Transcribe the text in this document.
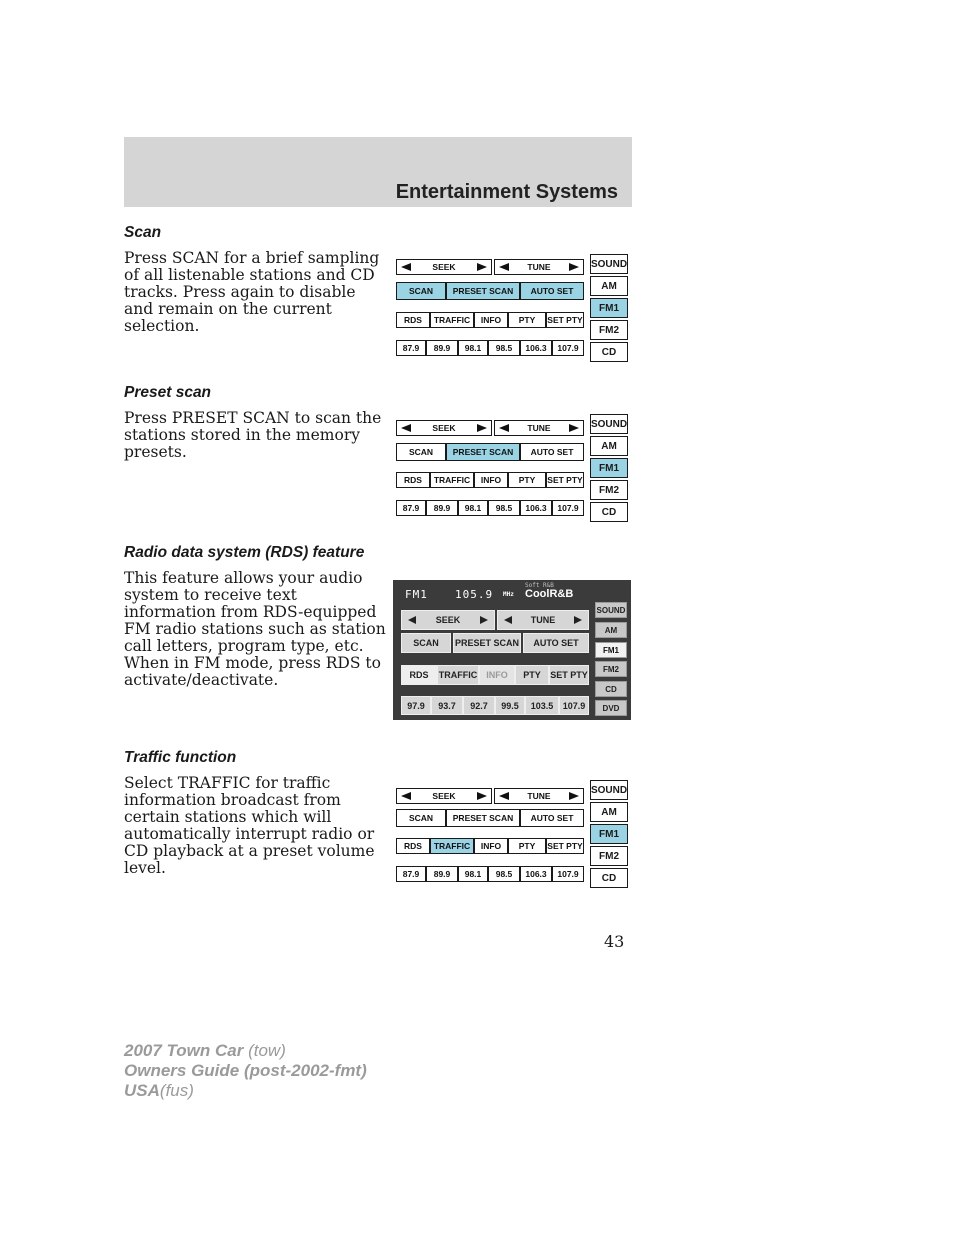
Entertainment Systems
Scan
Press SCAN for a brief sampling of all listenable stations and CD tracks. Press again to disable and remain on the current selection.
Preset scan
Press PRESET SCAN to scan the stations stored in the memory presets.
Radio data system (RDS) feature
This feature allows your audio system to receive text information from RDS-equipped FM radio stations such as station call letters, program type, etc. When in FM mode, press RDS to activate/deactivate.
Traffic function
Select TRAFFIC for traffic information broadcast from certain stations which will automatically interrupt radio or CD playback at a preset volume level.
SEEK	TUNE
SCAN	PRESET SCAN	AUTO SET
RDS	TRAFFIC	INFO	PTY	SET PTY
87.9	89.9	98.1	98.5	106.3	107.9
SOUND
AM
FM1
FM2
CD
SEEK	TUNE
SCAN	PRESET SCAN	AUTO SET
RDS	TRAFFIC	INFO	PTY	SET PTY
87.9	89.9	98.1	98.5	106.3	107.9
SOUND
AM
FM1
FM2
CD
FM1 105.9 MHz
Soft R&B
CoolR&B
SEEK	TUNE
SCAN	PRESET SCAN	AUTO SET
RDS	TRAFFIC	INFO	PTY	SET PTY
97.9	93.7	92.7	99.5	103.5	107.9
SOUND
AM
FM1
FM2
CD
DVD
SEEK	TUNE
SCAN	PRESET SCAN	AUTO SET
RDS	TRAFFIC	INFO	PTY	SET PTY
87.9	89.9	98.1	98.5	106.3	107.9
SOUND
AM
FM1
FM2
CD
43
2007 Town Car (tow)
Owners Guide (post-2002-fmt)
USA(fus)
